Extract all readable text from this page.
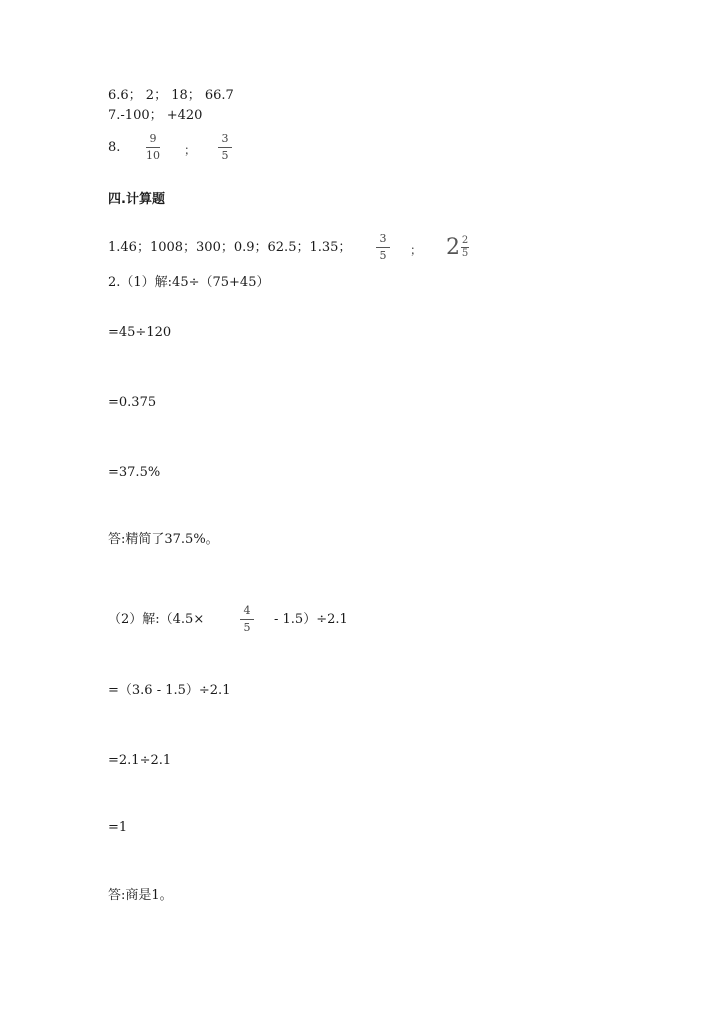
6.6； 2； 18； 66.7
7.-100； +420
8.
9
10 ；
3
5
四.计算题
1.46；1008；300；0.9；62.5；1.35；
3
5 ； $2 \frac{2}{5}$
2.（1）解:45÷（75+45）
=45÷120
=0.375
=37.5%
答:精简了37.5%。
（2）解:（4.5×
4
5
- 1.5）÷2.1
=（3.6 - 1.5）÷2.1
=2.1÷2.1
=1
答:商是1。
